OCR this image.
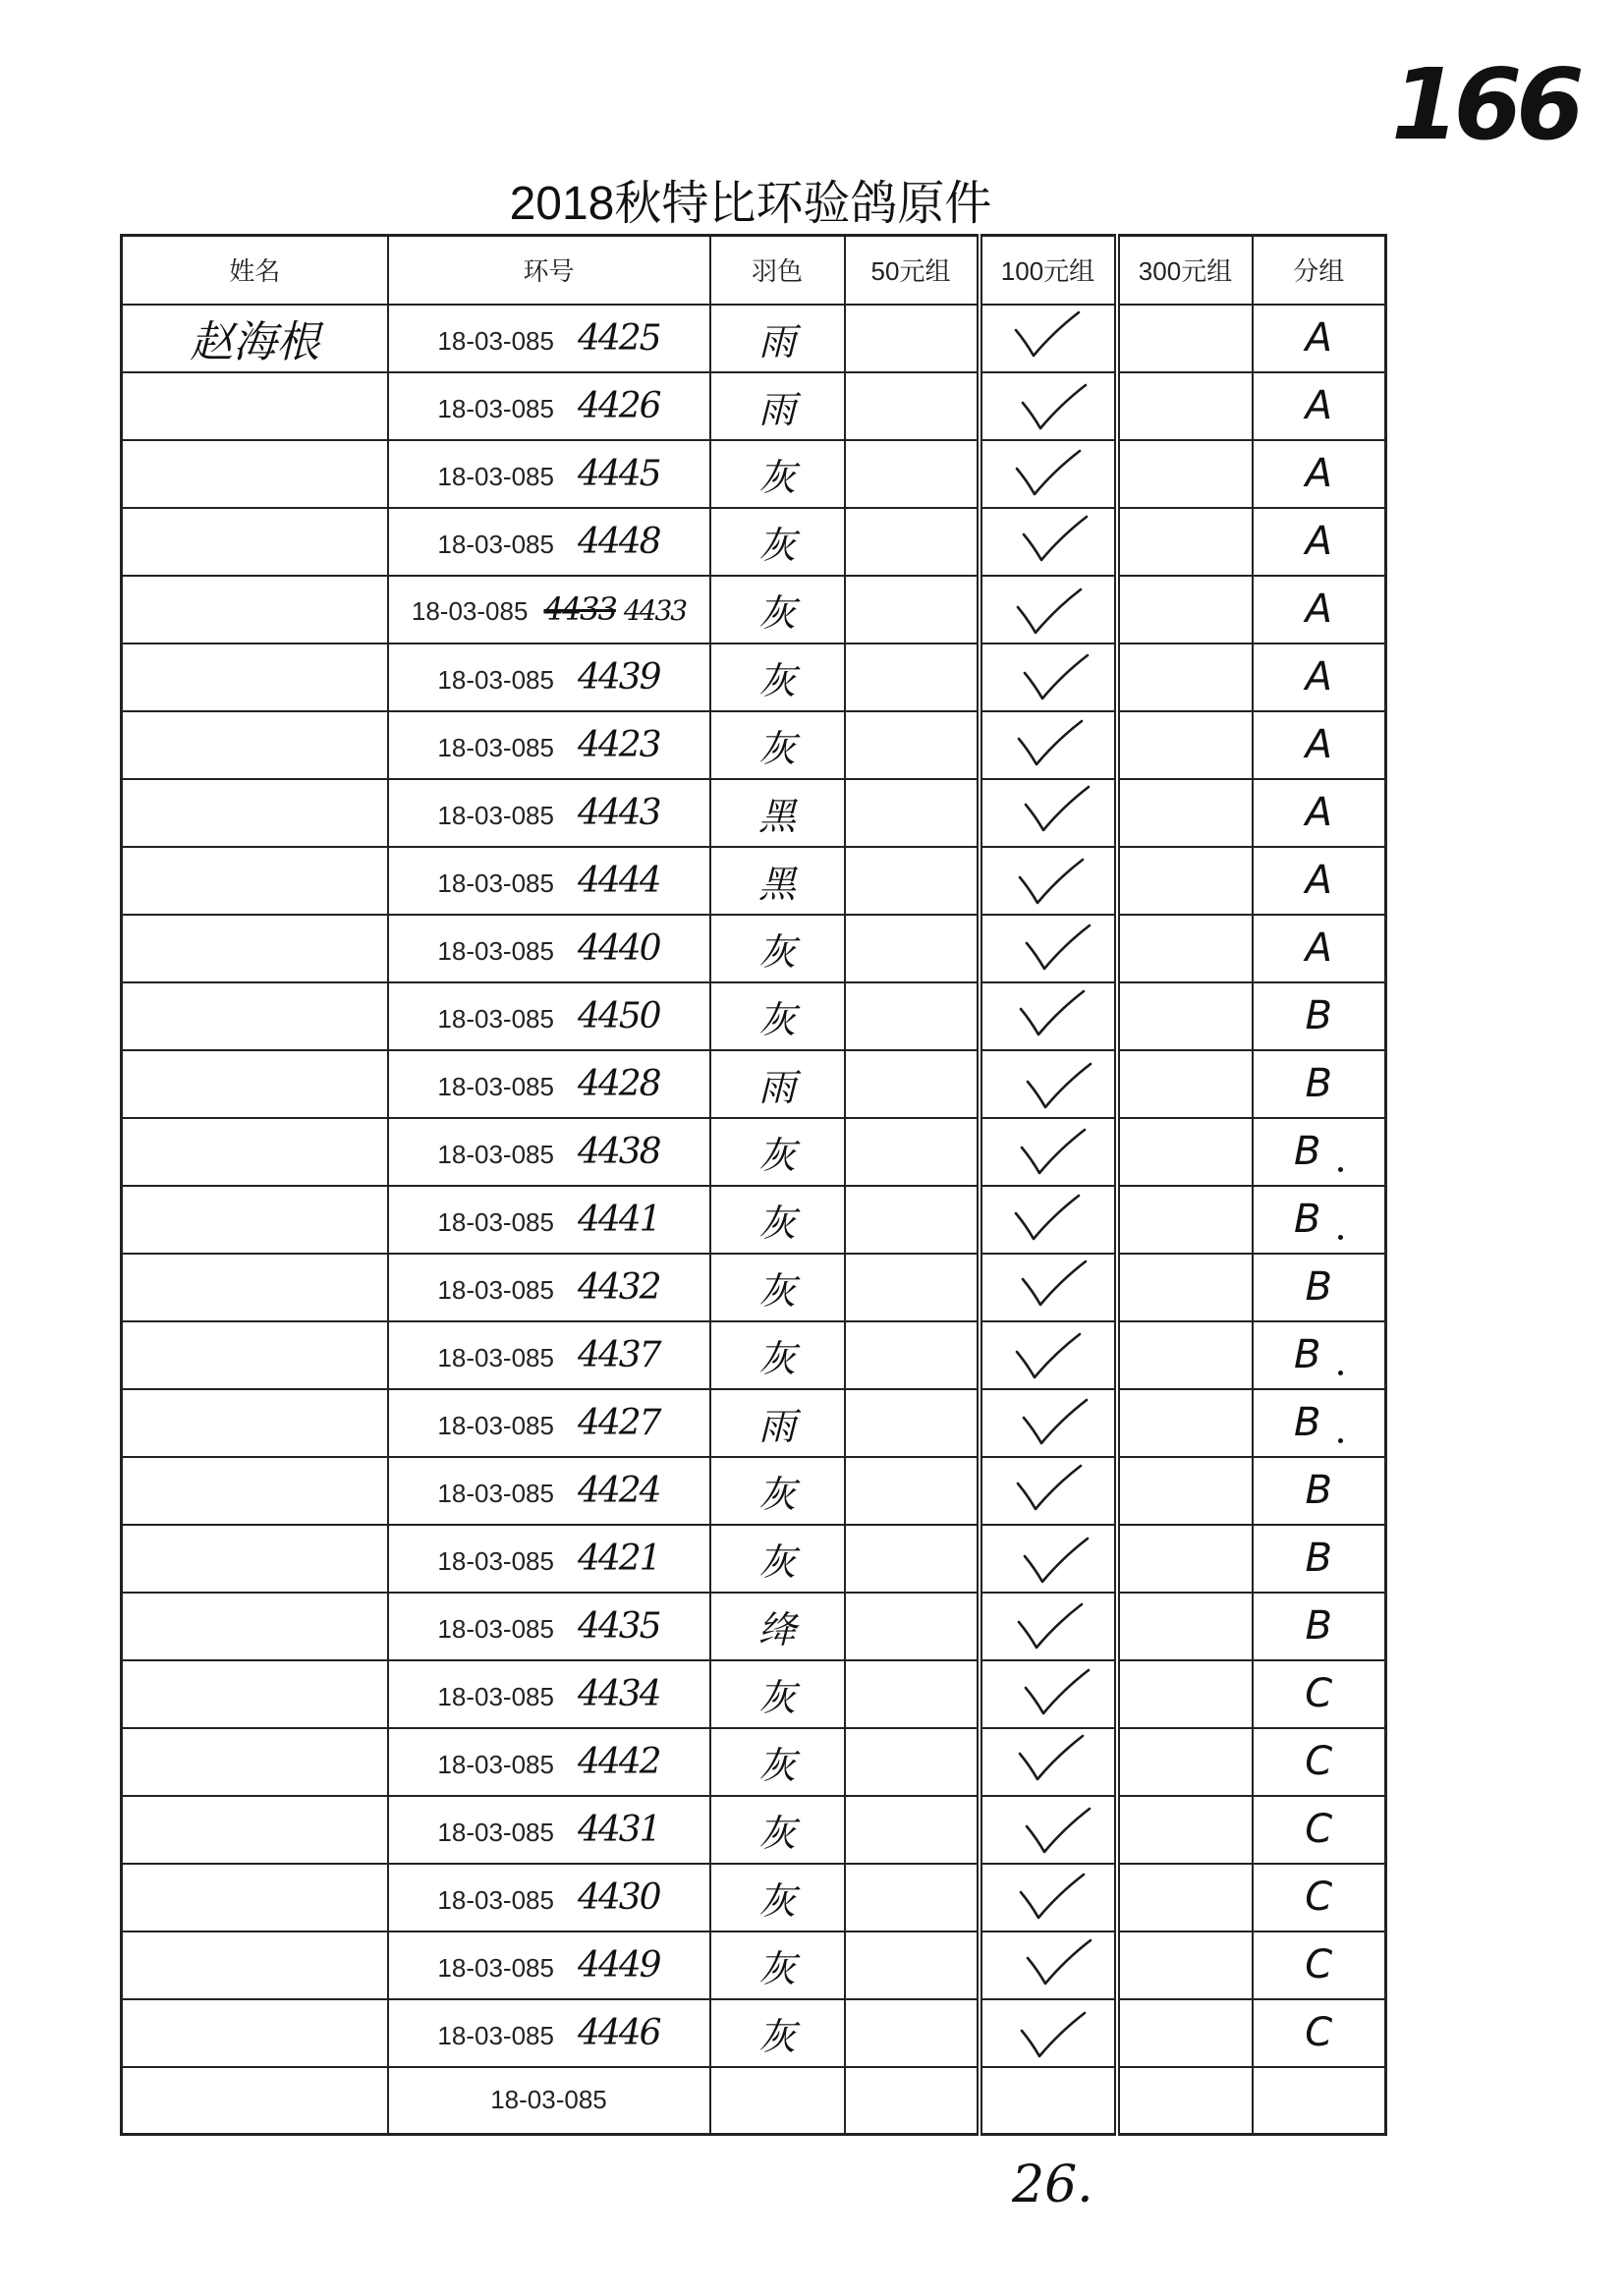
166
2018秋特比环验鸽原件
姓名	环号	羽色	50元组	100元组	300元组	分组
赵海根	18-03-085 4425	雨				A
	18-03-085 4426	雨				A
	18-03-085 4445	灰				A
	18-03-085 4448	灰				A
	18-03-085 4433 4433	灰				A
	18-03-085 4439	灰				A
	18-03-085 4423	灰				A
	18-03-085 4443	黑				A
	18-03-085 4444	黑				A
	18-03-085 4440	灰				A
	18-03-085 4450	灰				B
	18-03-085 4428	雨				B
	18-03-085 4438	灰				B
	18-03-085 4441	灰				B
	18-03-085 4432	灰				B
	18-03-085 4437	灰				B
	18-03-085 4427	雨				B
	18-03-085 4424	灰				B
	18-03-085 4421	灰				B
	18-03-085 4435	绛				B
	18-03-085 4434	灰				C
	18-03-085 4442	灰				C
	18-03-085 4431	灰				C
	18-03-085 4430	灰				C
	18-03-085 4449	灰				C
	18-03-085 4446	灰				C
	18-03-085					
26.
